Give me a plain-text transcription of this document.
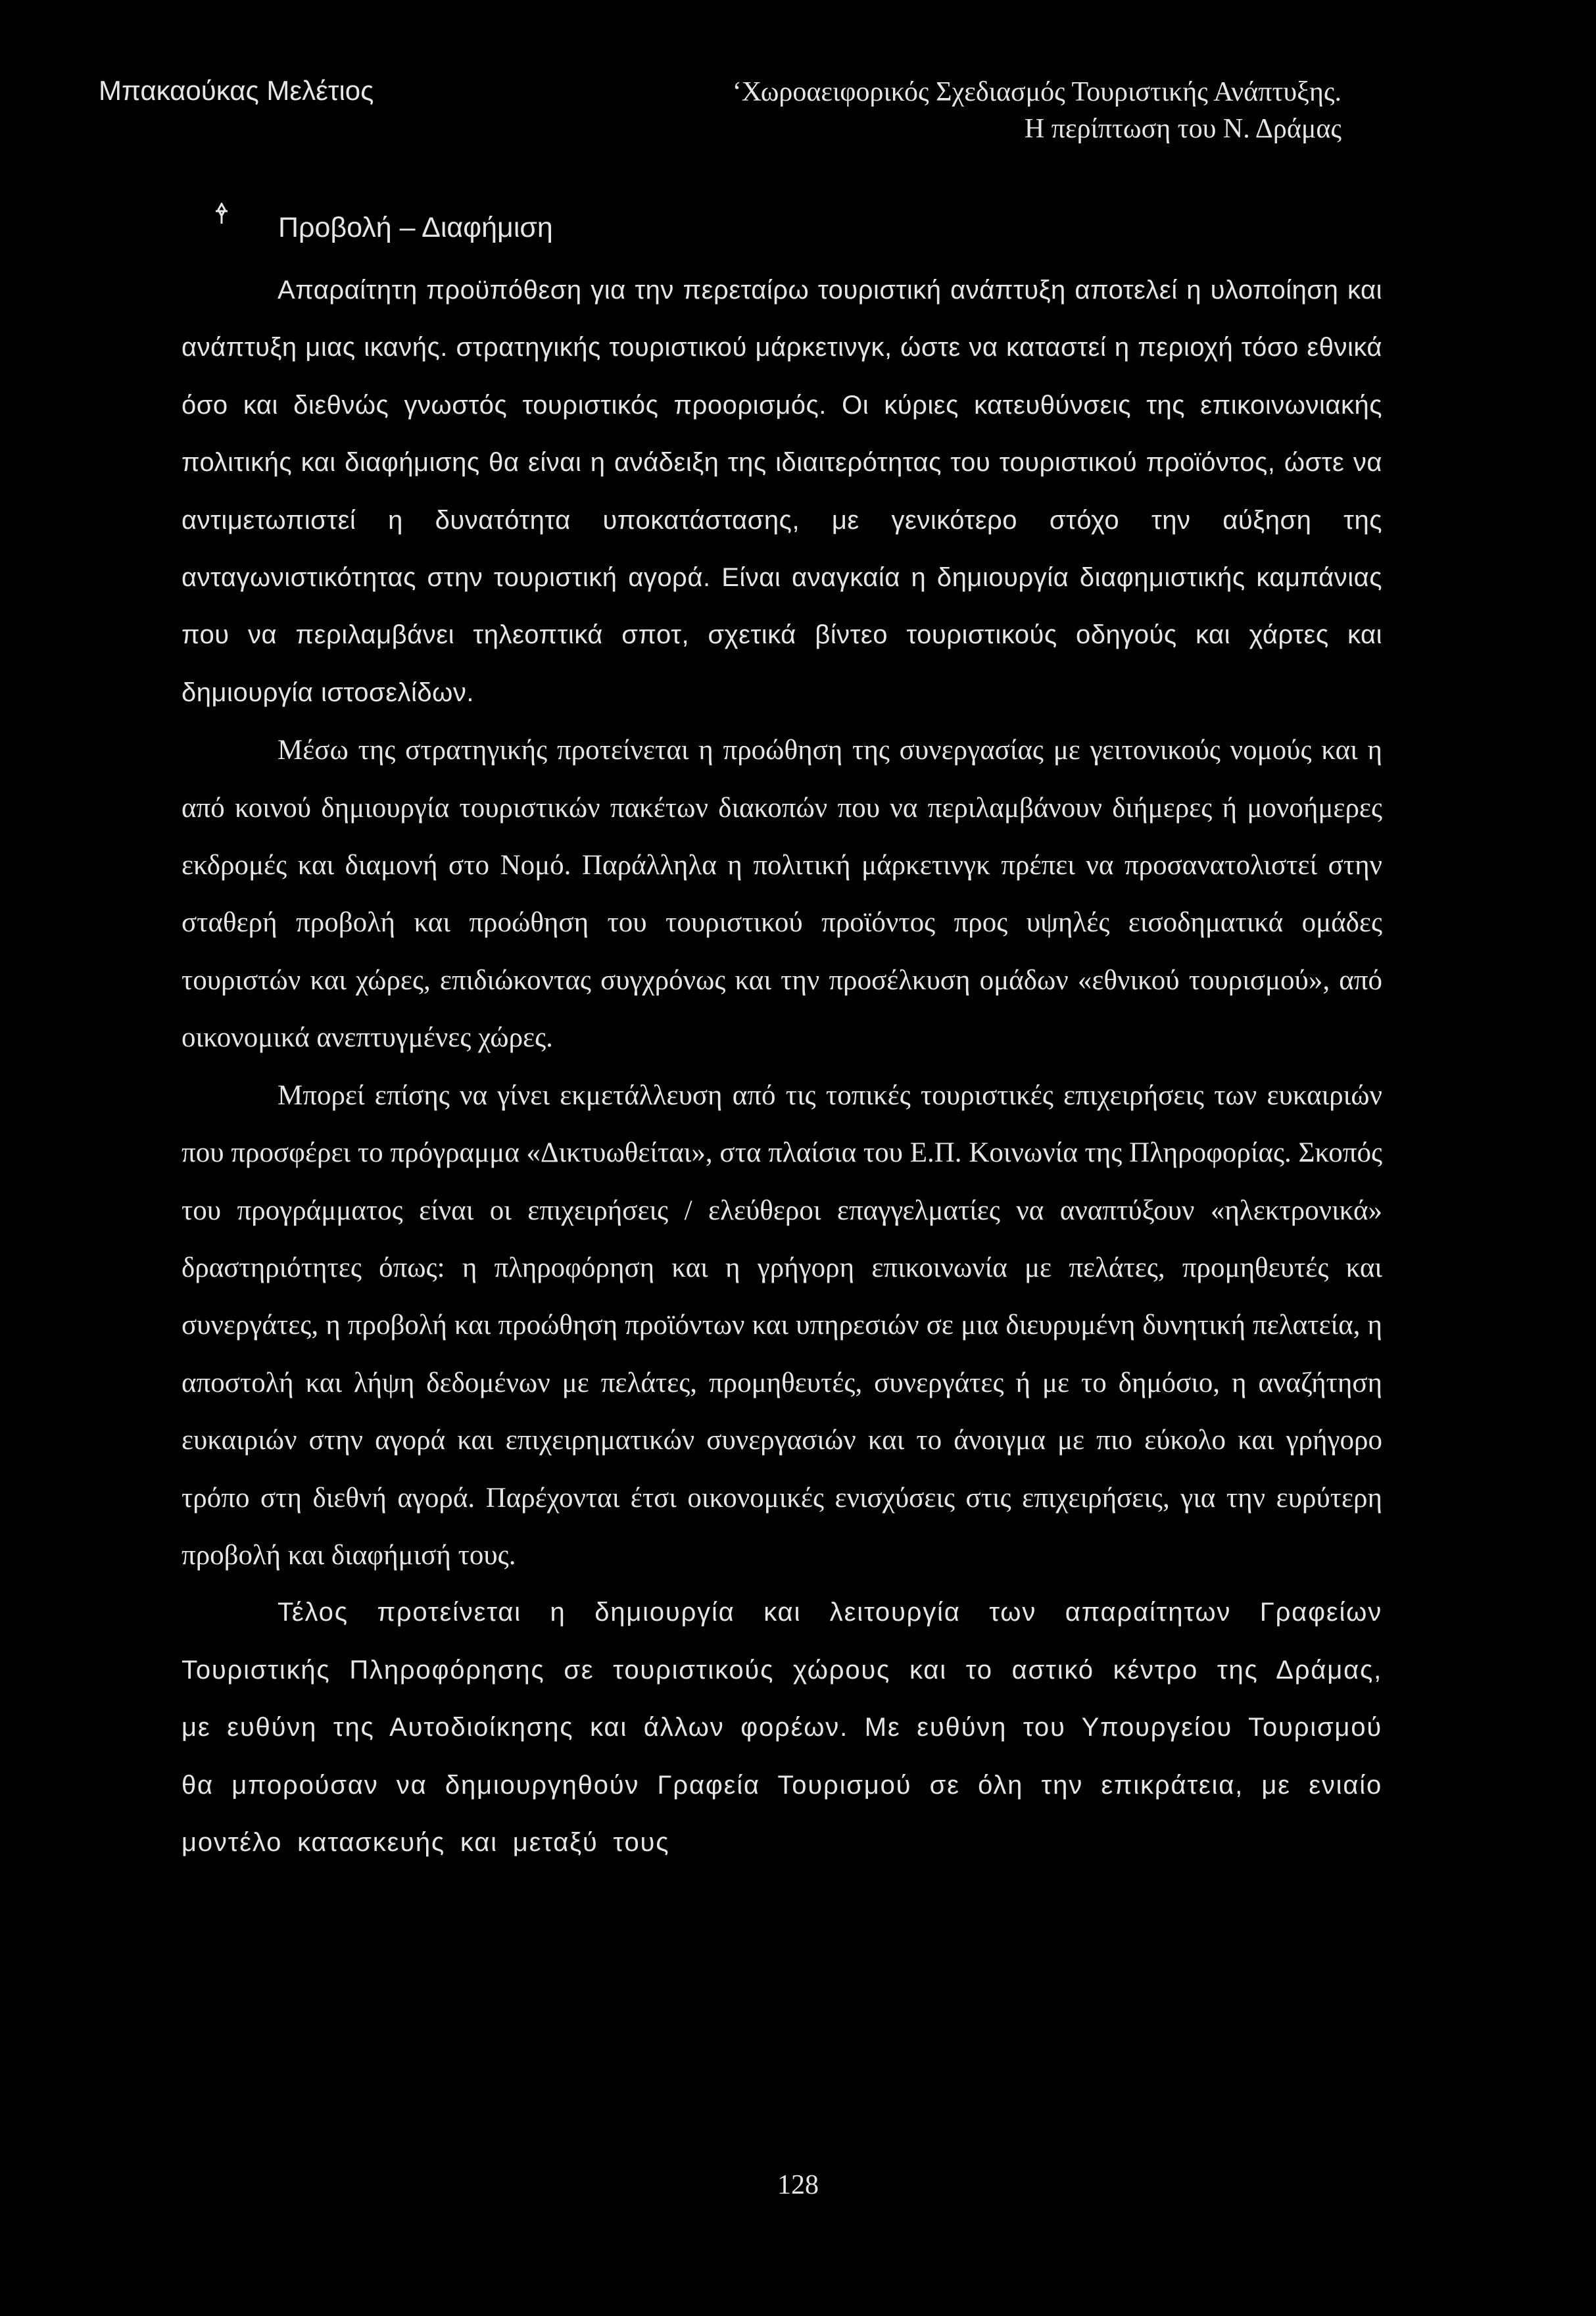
Μπακαούκας Μελέτιος	‘Χωροαειφορικός Σχεδιασμός Τουριστικής Ανάπτυξης.
Η περίπτωση του Ν. Δράμας
Προβολή – Διαφήμιση

Απαραίτητη προϋπόθεση για την περεταίρω τουριστική ανάπτυξη αποτελεί η υλοποίηση και ανάπτυξη μιας ικανής. στρατηγικής τουριστικού μάρκετινγκ, ώστε να καταστεί η περιοχή τόσο εθνικά όσο και διεθνώς γνωστός τουριστικός προορισμός. Οι κύριες κατευθύνσεις της επικοινωνιακής πολιτικής και διαφήμισης θα είναι η ανάδειξη της ιδιαιτερότητας του τουριστικού προϊόντος, ώστε να αντιμετωπιστεί η δυνατότητα υποκατάστασης, με γενικότερο στόχο την αύξηση της ανταγωνιστικότητας στην τουριστική αγορά. Είναι αναγκαία η δημιουργία διαφημιστικής καμπάνιας που να περιλαμβάνει τηλεοπτικά σποτ, σχετικά βίντεο τουριστικούς οδηγούς και χάρτες και δημιουργία ιστοσελίδων.

Μέσω της στρατηγικής προτείνεται η προώθηση της συνεργασίας με γειτονικούς νομούς και η από κοινού δημιουργία τουριστικών πακέτων διακοπών που να περιλαμβάνουν διήμερες ή μονοήμερες εκδρομές και διαμονή στο Νομό. Παράλληλα η πολιτική μάρκετινγκ πρέπει να προσανατολιστεί στην σταθερή προβολή και προώθηση του τουριστικού προϊόντος προς υψηλές εισοδηματικά ομάδες τουριστών και χώρες, επιδιώκοντας συγχρόνως και την προσέλκυση ομάδων «εθνικού τουρισμού», από οικονομικά ανεπτυγμένες χώρες.

Μπορεί επίσης να γίνει εκμετάλλευση από τις τοπικές τουριστικές επιχειρήσεις των ευκαιριών που προσφέρει το πρόγραμμα «Δικτυωθείται», στα πλαίσια του Ε.Π. Κοινωνία της Πληροφορίας. Σκοπός του προγράμματος είναι οι επιχειρήσεις / ελεύθεροι επαγγελματίες να αναπτύξουν «ηλεκτρονικά» δραστηριότητες όπως: η πληροφόρηση και η γρήγορη επικοινωνία με πελάτες, προμηθευτές και συνεργάτες, η προβολή και προώθηση προϊόντων και υπηρεσιών σε μια διευρυμένη δυνητική πελατεία, η αποστολή και λήψη δεδομένων με πελάτες, προμηθευτές, συνεργάτες ή με το δημόσιο, η αναζήτηση ευκαιριών στην αγορά και επιχειρηματικών συνεργασιών και το άνοιγμα με πιο εύκολο και γρήγορο τρόπο στη διεθνή αγορά. Παρέχονται έτσι οικονομικές ενισχύσεις στις επιχειρήσεις, για την ευρύτερη προβολή και διαφήμισή τους.

Τέλος προτείνεται η δημιουργία και λειτουργία των απαραίτητων Γραφείων Τουριστικής Πληροφόρησης σε τουριστικούς χώρους και το αστικό κέντρο της Δράμας, με ευθύνη της Αυτοδιοίκησης και άλλων φορέων. Με ευθύνη του Υπουργείου Τουρισμού θα μπορούσαν να δημιουργηθούν Γραφεία Τουρισμού σε όλη την επικράτεια, με ενιαίο μοντέλο κατασκευής και μεταξύ τους

128
